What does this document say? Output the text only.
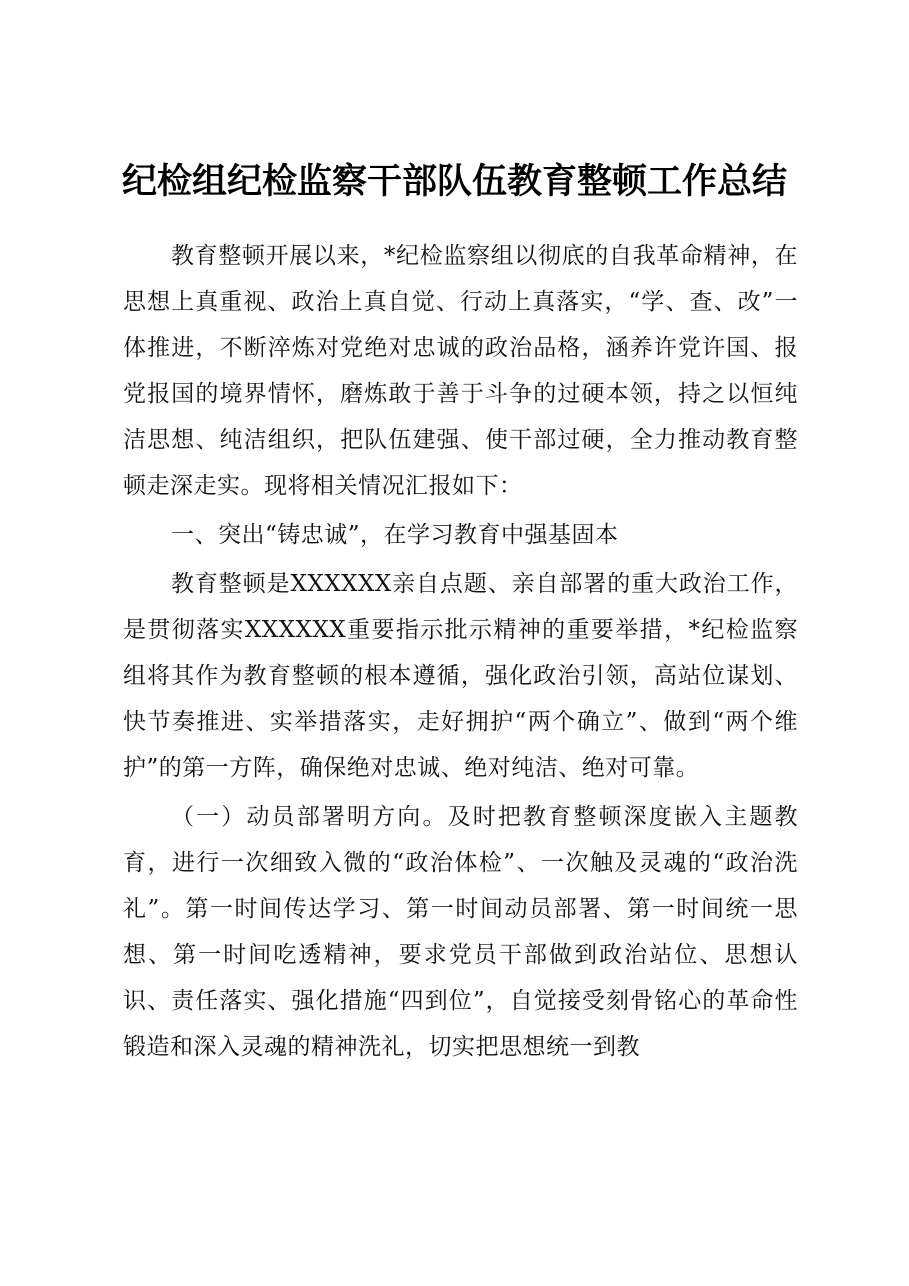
纪检组纪检监察干部队伍教育整顿工作总结

教育整顿开展以来，*纪检监察组以彻底的自我革命精神，在思想上真重视、政治上真自觉、行动上真落实，“学、查、改”一体推进，不断淬炼对党绝对忠诚的政治品格，涵养许党许国、报党报国的境界情怀，磨炼敢于善于斗争的过硬本领，持之以恒纯洁思想、纯洁组织，把队伍建强、使干部过硬，全力推动教育整顿走深走实。现将相关情况汇报如下：

一、突出“铸忠诚”，在学习教育中强基固本

教育整顿是XXXXXX亲自点题、亲自部署的重大政治工作，是贯彻落实XXXXXX重要指示批示精神的重要举措，*纪检监察组将其作为教育整顿的根本遵循，强化政治引领，高站位谋划、快节奏推进、实举措落实，走好拥护“两个确立”、做到“两个维护”的第一方阵，确保绝对忠诚、绝对纯洁、绝对可靠。

（一）动员部署明方向。及时把教育整顿深度嵌入主题教育，进行一次细致入微的“政治体检”、一次触及灵魂的“政治洗礼”。第一时间传达学习、第一时间动员部署、第一时间统一思想、第一时间吃透精神，要求党员干部做到政治站位、思想认识、责任落实、强化措施“四到位”，自觉接受刻骨铭心的革命性锻造和深入灵魂的精神洗礼，切实把思想统一到教
